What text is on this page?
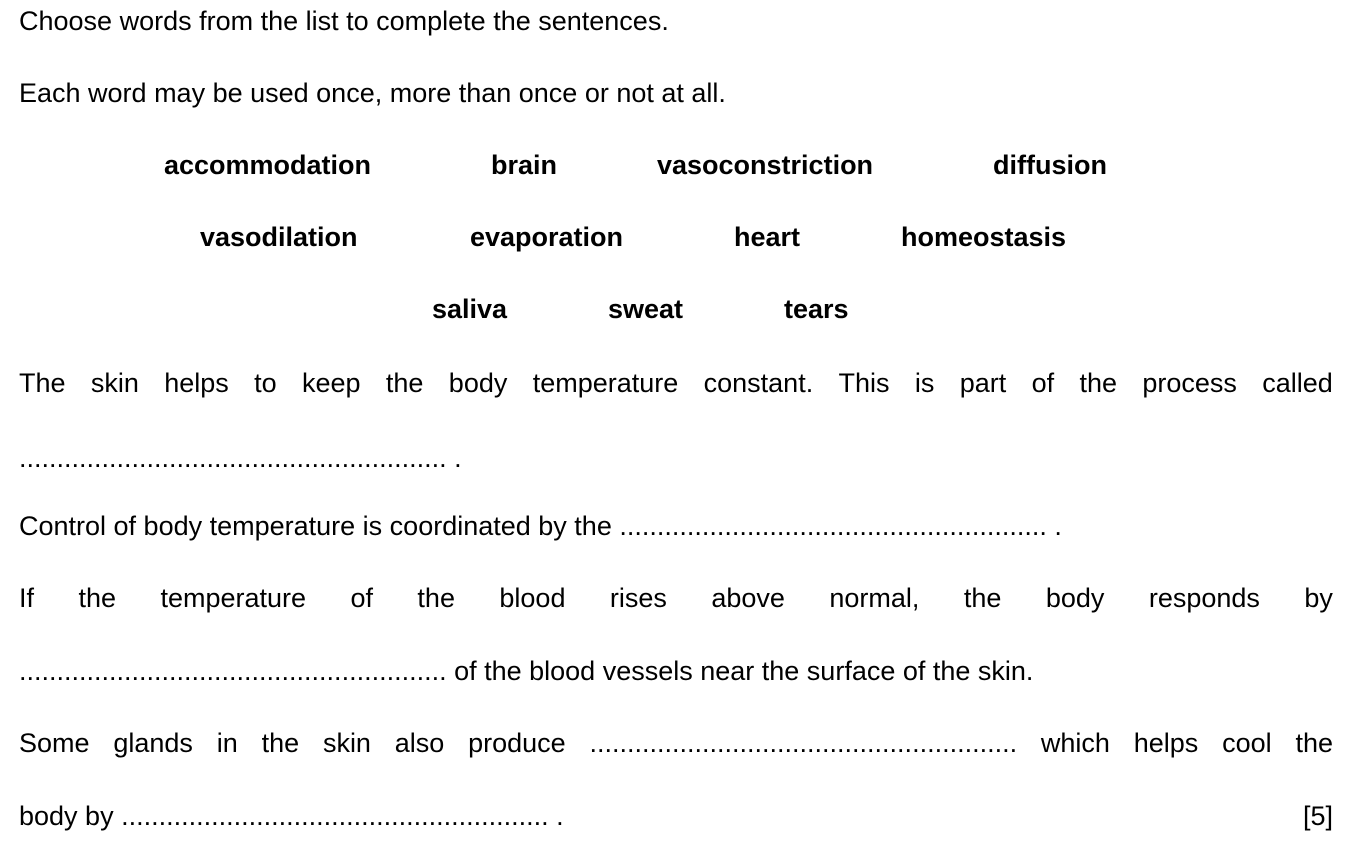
Choose words from the list to complete the sentences.
Each word may be used once, more than once or not at all.
accommodation	brain	vasoconstriction	diffusion
vasodilation	evaporation	heart	homeostasis
saliva	sweat	tears
The skin helps to keep the body temperature constant. This is part of the process called
......................................................... .
Control of body temperature is coordinated by the ......................................................... .
If the temperature of the blood rises above normal, the body responds by
......................................................... of the blood vessels near the surface of the skin.
Some glands in the skin also produce ......................................................... which helps cool the
body by ......................................................... .	[5]
